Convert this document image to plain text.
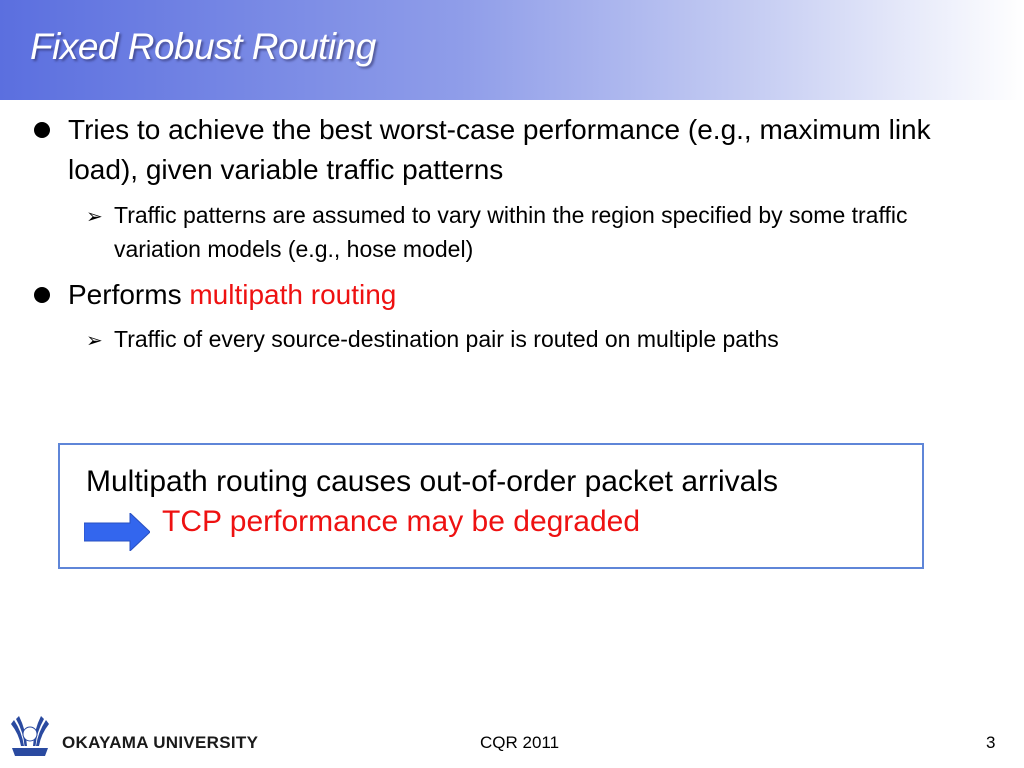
Fixed Robust Routing
Tries to achieve the best worst-case performance (e.g., maximum link load), given variable traffic patterns
➢ Traffic patterns are assumed to vary within the region specified by some traffic variation models (e.g., hose model)
Performs multipath routing
➢ Traffic of every source-destination pair is routed on multiple paths
Multipath routing causes out-of-order packet arrivals
TCP performance may be degraded
OKAYAMA UNIVERSITY	CQR 2011	3
